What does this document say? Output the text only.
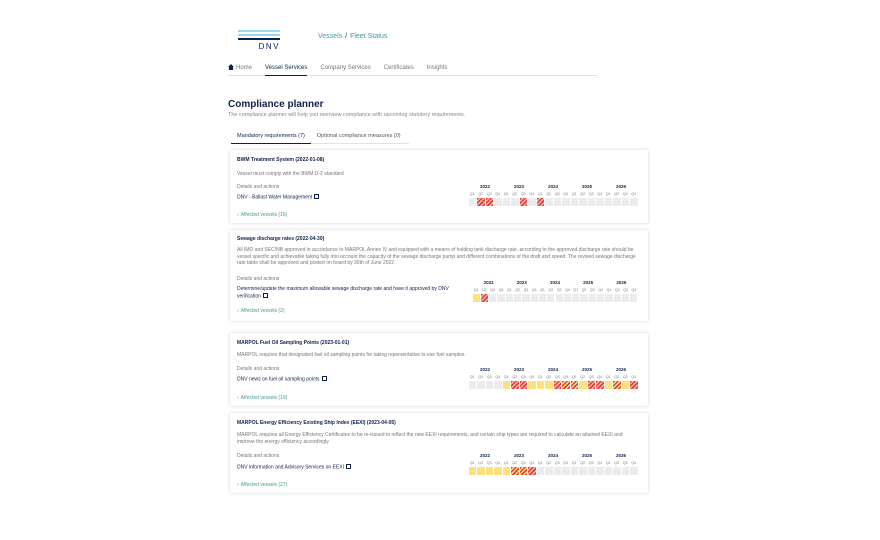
DNV
Vessels / Fleet Status
Home Vessel Services Company Services Certificates Insights
Compliance planner
The compliance planner will help you overview compliance with upcoming statutory requirements.
Mandatory requirements (7)	Optional compliance measures (0)
BWM Treatment System (2022-01-08)
Vessel must comply with the BWM D-2 standard
Details and actions
DNV - Ballast Water Management
› Affected vessels (16)
2022
Q1	Q2	Q3	Q4
2023
Q1	Q2	Q3	Q4
2024
Q1	Q2	Q3	Q4
2025
Q1	Q2	Q3	Q4
2026
Q1	Q2	Q3	Q4
Sewage discharge rates (2022-04-30)
All IMO and SEC/NB approved in accordance to MARPOL Annex IV and equipped with a means of holding tank discharge rate, according to the approved discharge rate should be vessel specific and achievable taking fully into account the capacity of the sewage discharge pump and different combinations of the draft and speed. The revised sewage discharge rate table shall be approved and posted on board by 30th of June 2022.
Details and actions
Determine/update the maximum allowable sewage discharge rate and have it approved by DNV verification
› Affected vessels (2)
2022
Q1	Q2	Q3	Q4
2023
Q1	Q2	Q3	Q4
2024
Q1	Q2	Q3	Q4
2025
Q1	Q2	Q3	Q4
2026
Q1	Q2	Q3	Q4
MARPOL Fuel Oil Sampling Points (2023-01-01)
MARPOL requires that designated fuel oil sampling points for taking representative in-use fuel samples.
Details and actions
DNV news on fuel oil sampling points
› Affected vessels (19)
2022
Q1	Q2	Q3	Q4
2023
Q1	Q2	Q3	Q4
2024
Q1	Q2	Q3	Q4
2025
Q1	Q2	Q3	Q4
2026
Q1	Q2	Q3	Q4
MARPOL Energy Efficiency Existing Ship Index (EEXI) (2023-04-05)
MARPOL requires all Energy Efficiency Certificates to be re-issued to reflect the new EEXI requirements, and certain ship types are required to calculate an attained EEXI and improve the energy efficiency accordingly.
Details and actions
DNV information and Advisory Services on EEXI
› Affected vessels (27)
2022
Q1	Q2	Q3	Q4
2023
Q1	Q2	Q3	Q4
2024
Q1	Q2	Q3	Q4
2025
Q1	Q2	Q3	Q4
2026
Q1	Q2	Q3	Q4
